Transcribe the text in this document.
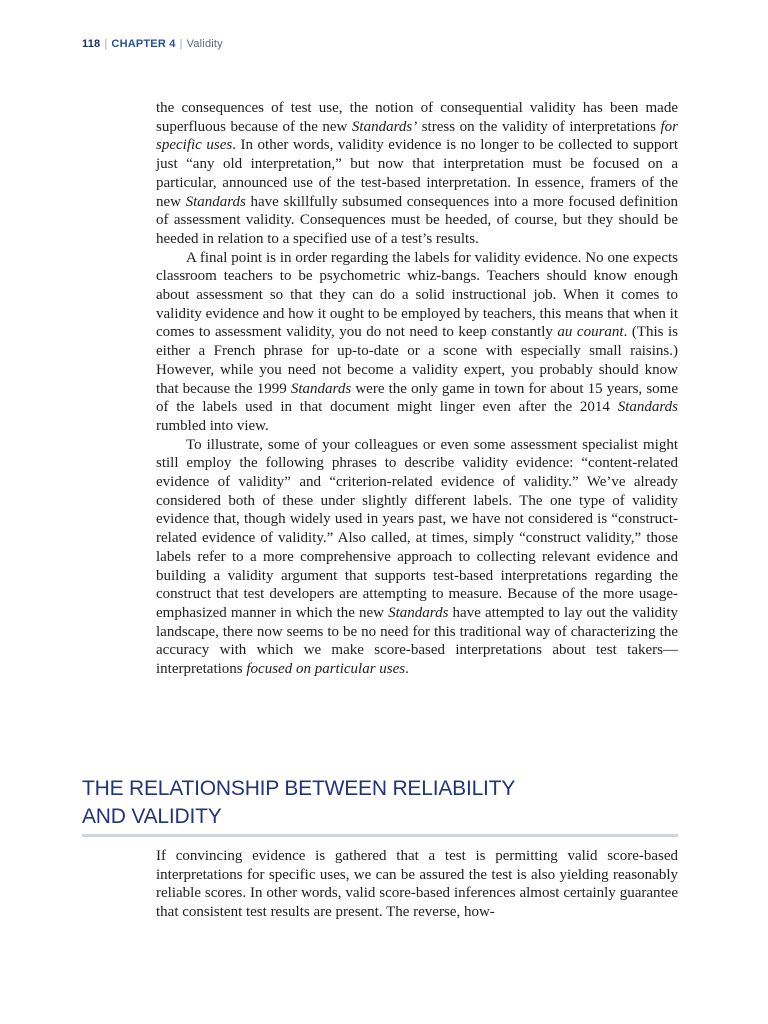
118 | CHAPTER 4 | Validity

the consequences of test use, the notion of consequential validity has been made superfluous because of the new Standards’ stress on the validity of interpretations for specific uses. In other words, validity evidence is no longer to be collected to support just “any old interpretation,” but now that interpretation must be focused on a particular, announced use of the test-based interpretation. In essence, framers of the new Standards have skillfully subsumed consequences into a more focused definition of assessment validity. Consequences must be heeded, of course, but they should be heeded in relation to a specified use of a test’s results.

A final point is in order regarding the labels for validity evidence. No one expects classroom teachers to be psychometric whiz-bangs. Teachers should know enough about assessment so that they can do a solid instructional job. When it comes to validity evidence and how it ought to be employed by teachers, this means that when it comes to assessment validity, you do not need to keep constantly au courant. (This is either a French phrase for up-to-date or a scone with especially small raisins.) However, while you need not become a validity expert, you probably should know that because the 1999 Standards were the only game in town for about 15 years, some of the labels used in that document might linger even after the 2014 Standards rumbled into view.

To illustrate, some of your colleagues or even some assessment specialist might still employ the following phrases to describe validity evidence: “content-related evidence of validity” and “criterion-related evidence of validity.” We’ve already considered both of these under slightly different labels. The one type of validity evidence that, though widely used in years past, we have not considered is “construct-related evidence of validity.” Also called, at times, simply “construct validity,” those labels refer to a more comprehensive approach to collecting relevant evidence and building a validity argument that supports test-based interpretations regarding the construct that test developers are attempting to measure. Because of the more usage-emphasized manner in which the new Standards have attempted to lay out the validity landscape, there now seems to be no need for this traditional way of characterizing the accuracy with which we make score-based interpretations about test takers—interpretations focused on particular uses.

THE RELATIONSHIP BETWEEN RELIABILITY
AND VALIDITY

If convincing evidence is gathered that a test is permitting valid score-based interpretations for specific uses, we can be assured the test is also yielding reasonably reliable scores. In other words, valid score-based inferences almost certainly guarantee that consistent test results are present. The reverse, how-
